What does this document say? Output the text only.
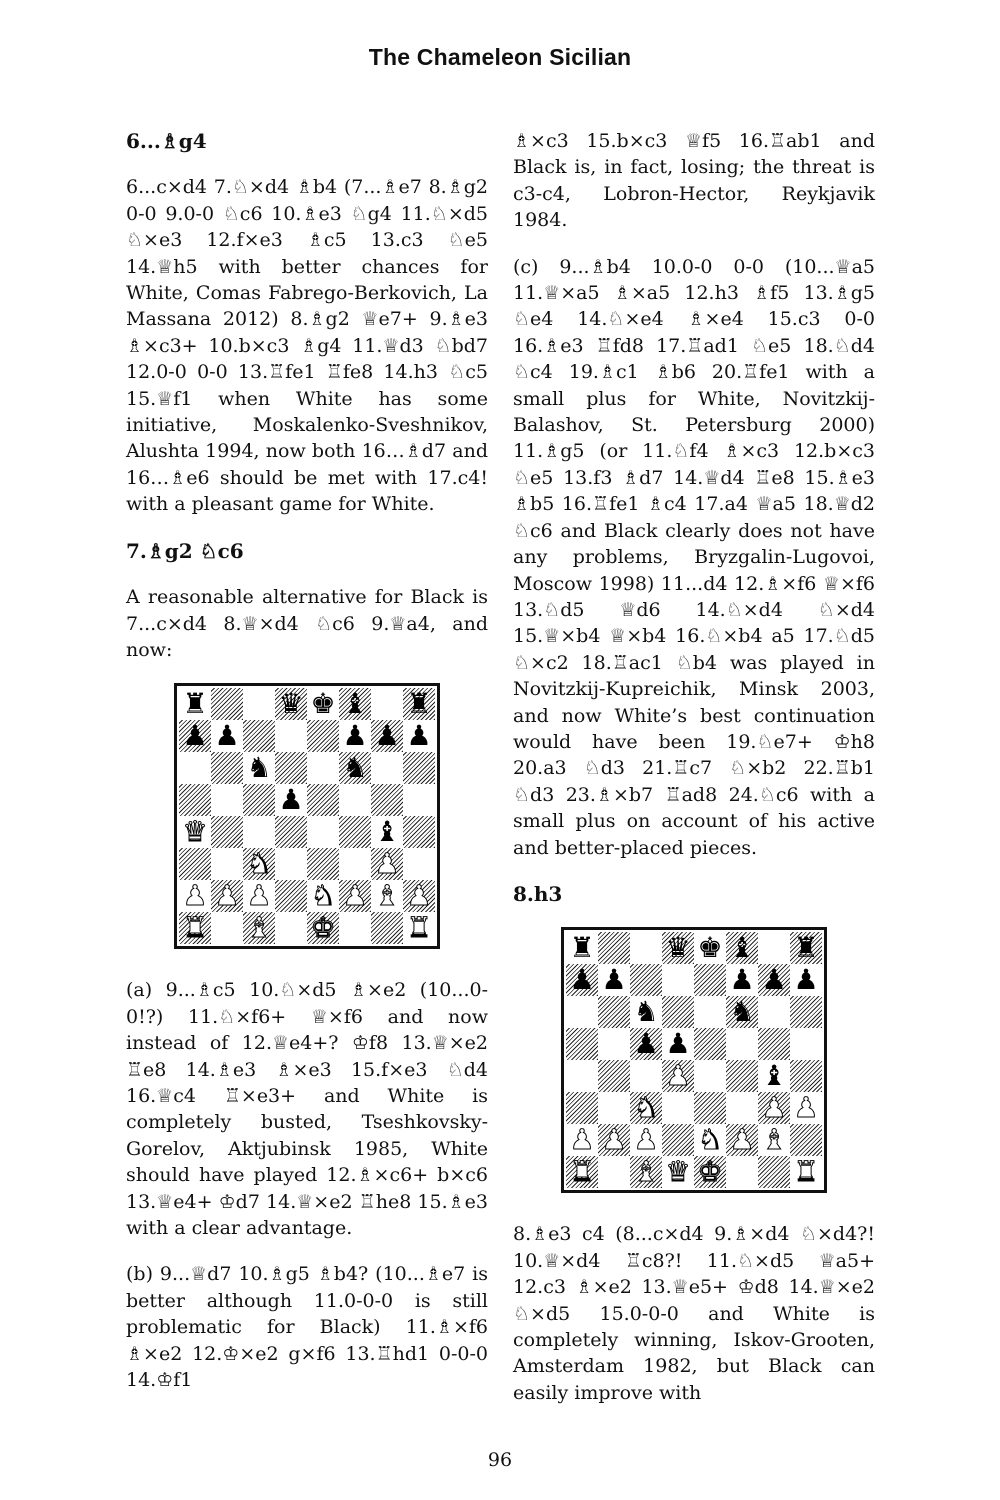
The Chameleon Sicilian
6...♗g4

6...c×d4 7.♘×d4 ♗b4 (7...♗e7 8.♗g2 0-0 9.0-0 ♘c6 10.♗e3 ♘g4 11.♘×d5 ♘×e3 12.f×e3 ♗c5 13.c3 ♘e5 14.♕h5 with better chances for White, Comas Fabrego-Berkovich, La Massana 2012) 8.♗g2 ♕e7+ 9.♗e3 ♗×c3+ 10.b×c3 ♗g4 11.♕d3 ♘bd7 12.0-0 0-0 13.♖fe1 ♖fe8 14.h3 ♘c5 15.♕f1 when White has some initiative, Moskalenko-Sveshnikov, Alushta 1994, now both 16…♗d7 and 16…♗e6 should be met with 17.c4! with a pleasant game for White.

7.♗g2 ♘c6

A reasonable alternative for Black is 7...c×d4 8.♕×d4 ♘c6 9.♕a4, and now:

♜	♛ ♚ ♝ ♜
♟ ♟	♟ ♟ ♟
♞	♞
♟
♛	♝
♞	♟
♟ ♟ ♟ ♞ ♟ ♝ ♟
♜ ♝ ♚	♜

(a) 9...♗c5 10.♘×d5 ♗×e2 (10...0-0!?) 11.♘×f6+ ♕×f6 and now instead of 12.♕e4+? ♔f8 13.♕×e2 ♖e8 14.♗e3 ♗×e3 15.f×e3 ♘d4 16.♕c4 ♖×e3+ and White is completely busted, Tseshkovsky-Gorelov, Aktjubinsk 1985, White should have played 12.♗×c6+ b×c6 13.♕e4+ ♔d7 14.♕×e2 ♖he8 15.♗e3 with a clear advantage.

(b) 9...♕d7 10.♗g5 ♗b4? (10...♗e7 is better although 11.0-0-0 is still problematic for Black) 11.♗×f6 ♗×e2 12.♔×e2 g×f6 13.♖hd1 0-0-0 14.♔f1

♗×c3 15.b×c3 ♕f5 16.♖ab1 and Black is, in fact, losing; the threat is c3-c4, Lobron-Hector, Reykjavik 1984.

(c) 9...♗b4 10.0-0 0-0 (10...♕a5 11.♕×a5 ♗×a5 12.h3 ♗f5 13.♗g5 ♘e4 14.♘×e4 ♗×e4 15.c3 0-0 16.♗e3 ♖fd8 17.♖ad1 ♘e5 18.♘d4 ♘c4 19.♗c1 ♗b6 20.♖fe1 with a small plus for White, Novitzkij-Balashov, St. Petersburg 2000) 11.♗g5 (or 11.♘f4 ♗×c3 12.b×c3 ♘e5 13.f3 ♗d7 14.♕d4 ♖e8 15.♗e3 ♗b5 16.♖fe1 ♗c4 17.a4 ♕a5 18.♕d2 ♘c6 and Black clearly does not have any problems, Bryzgalin-Lugovoi, Moscow 1998) 11...d4 12.♗×f6 ♕×f6 13.♘d5 ♕d6 14.♘×d4 ♘×d4 15.♕×b4 ♕×b4 16.♘×b4 a5 17.♘d5 ♘×c2 18.♖ac1 ♘b4 was played in Novitzkij-Kupreichik, Minsk 2003, and now White’s best continuation would have been 19.♘e7+ ♔h8 20.a3 ♘d3 21.♖c7 ♘×b2 22.♖b1 ♘d3 23.♗×b7 ♖ad8 24.♘c6 with a small plus on account of his active and better-placed pieces.

8.h3
♜	♛ ♚ ♝ ♜
♟ ♟	♟ ♟ ♟
♞	♞
♟ ♟
♟	♝
♞	♟ ♟
♟ ♟ ♟ ♞ ♟ ♝
♜ ♝ ♛ ♚	♜

8.♗e3 c4 (8...c×d4 9.♗×d4 ♘×d4?! 10.♕×d4 ♖c8?! 11.♘×d5 ♕a5+ 12.c3 ♗×e2 13.♕e5+ ♔d8 14.♕×e2 ♘×d5 15.0-0-0 and White is completely winning, Iskov-Grooten, Amsterdam 1982, but Black can easily improve with

96
